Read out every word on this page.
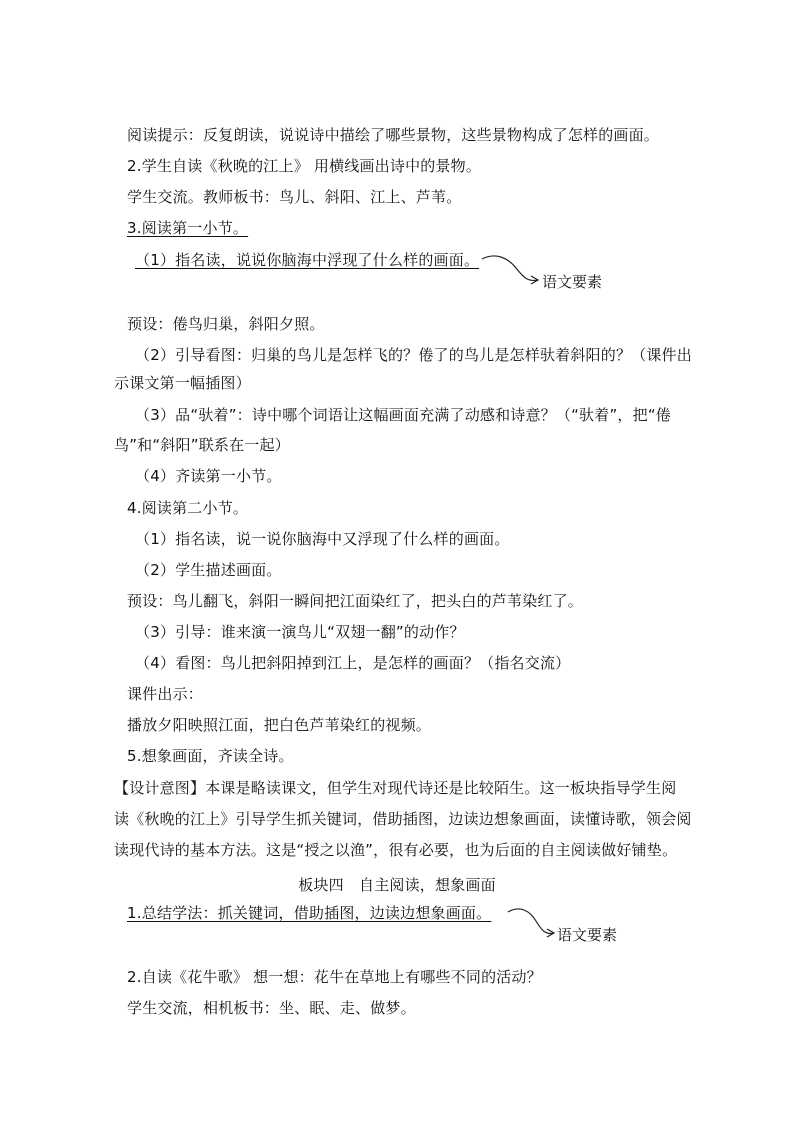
阅读提示：反复朗读，说说诗中描绘了哪些景物，这些景物构成了怎样的画面。
2.学生自读《秋晚的江上》 用横线画出诗中的景物。
学生交流。教师板书：鸟儿、斜阳、江上、芦苇。
3.阅读第一小节。
（1）指名读，说说你脑海中浮现了什么样的画面。
语文要素
预设：倦鸟归巢，斜阳夕照。
（2）引导看图：归巢的鸟儿是怎样飞的？倦了的鸟儿是怎样驮着斜阳的？（课件出
示课文第一幅插图）
（3）品“驮着”：诗中哪个词语让这幅画面充满了动感和诗意？（“驮着”，把“倦
鸟”和“斜阳”联系在一起）
（4）齐读第一小节。
4.阅读第二小节。
（1）指名读，说一说你脑海中又浮现了什么样的画面。
（2）学生描述画面。
预设：鸟儿翻飞，斜阳一瞬间把江面染红了，把头白的芦苇染红了。
（3）引导：谁来演一演鸟儿“双翅一翻”的动作？
（4）看图：鸟儿把斜阳掉到江上，是怎样的画面？（指名交流）
课件出示：
播放夕阳映照江面，把白色芦苇染红的视频。
5.想象画面，齐读全诗。
【设计意图】本课是略读课文，但学生对现代诗还是比较陌生。这一板块指导学生阅
读《秋晚的江上》引导学生抓关键词，借助插图，边读边想象画面，读懂诗歌，领会阅
读现代诗的基本方法。这是“授之以渔”，很有必要，也为后面的自主阅读做好铺垫。
板块四　自主阅读，想象画面
1.总结学法：抓关键词，借助插图，边读边想象画面。
语文要素
2.自读《花牛歌》 想一想：花牛在草地上有哪些不同的活动？
学生交流，相机板书：坐、眠、走、做梦。
